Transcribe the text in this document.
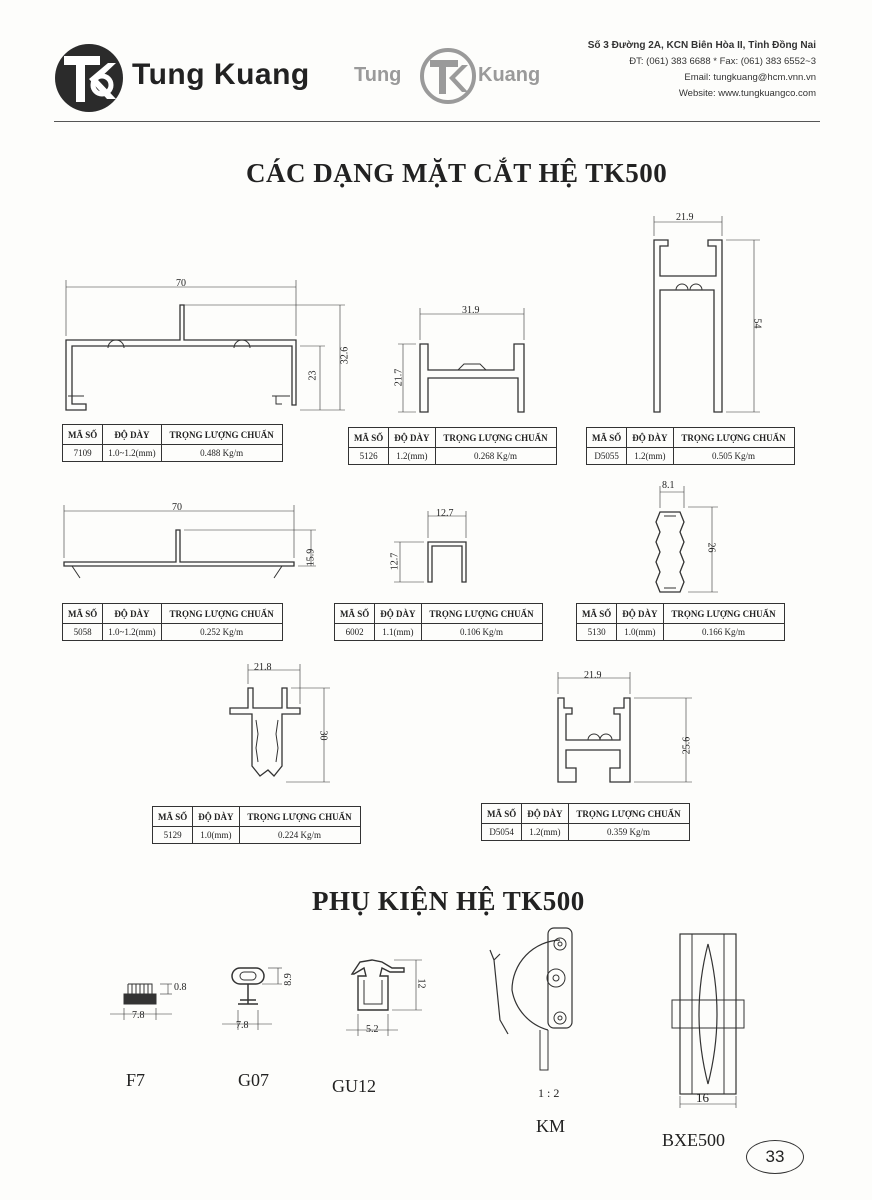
Tung Kuang Tung	Kuang
Số 3 Đường 2A, KCN Biên Hòa II, Tỉnh Đồng Nai
ĐT: (061) 383 6688 * Fax: (061) 383 6552~3
Email: tungkuang@hcm.vnn.vn
Website: www.tungkuangco.com
CÁC DẠNG MẶT CẮT HỆ TK500
70
32.6
23
31.9
21.7
21.9
54
70
15.9
12.7
12.7
8.1
26
21.8
30
21.9
25.6
0.8
7.8
8.9
7.8
12
5.2
16
MÃ SỐ	ĐỘ DÀY	TRỌNG LƯỢNG CHUẨN
7109	1.0~1.2(mm)	0.488 Kg/m
MÃ SỐ	ĐỘ DÀY	TRỌNG LƯỢNG CHUẨN
5126	1.2(mm)	0.268 Kg/m
MÃ SỐ	ĐỘ DÀY	TRỌNG LƯỢNG CHUẨN
D5055	1.2(mm)	0.505 Kg/m
MÃ SỐ	ĐỘ DÀY	TRỌNG LƯỢNG CHUẨN
5058	1.0~1.2(mm)	0.252 Kg/m
MÃ SỐ	ĐỘ DÀY	TRỌNG LƯỢNG CHUẨN
6002	1.1(mm)	0.106 Kg/m
MÃ SỐ	ĐỘ DÀY	TRỌNG LƯỢNG CHUẨN
5130	1.0(mm)	0.166 Kg/m
MÃ SỐ	ĐỘ DÀY	TRỌNG LƯỢNG CHUẨN
5129	1.0(mm)	0.224 Kg/m
MÃ SỐ	ĐỘ DÀY	TRỌNG LƯỢNG CHUẨN
D5054	1.2(mm)	0.359 Kg/m
PHỤ KIỆN HỆ TK500
F7	G07	GU12	1 : 2
KM
BXE500
33
